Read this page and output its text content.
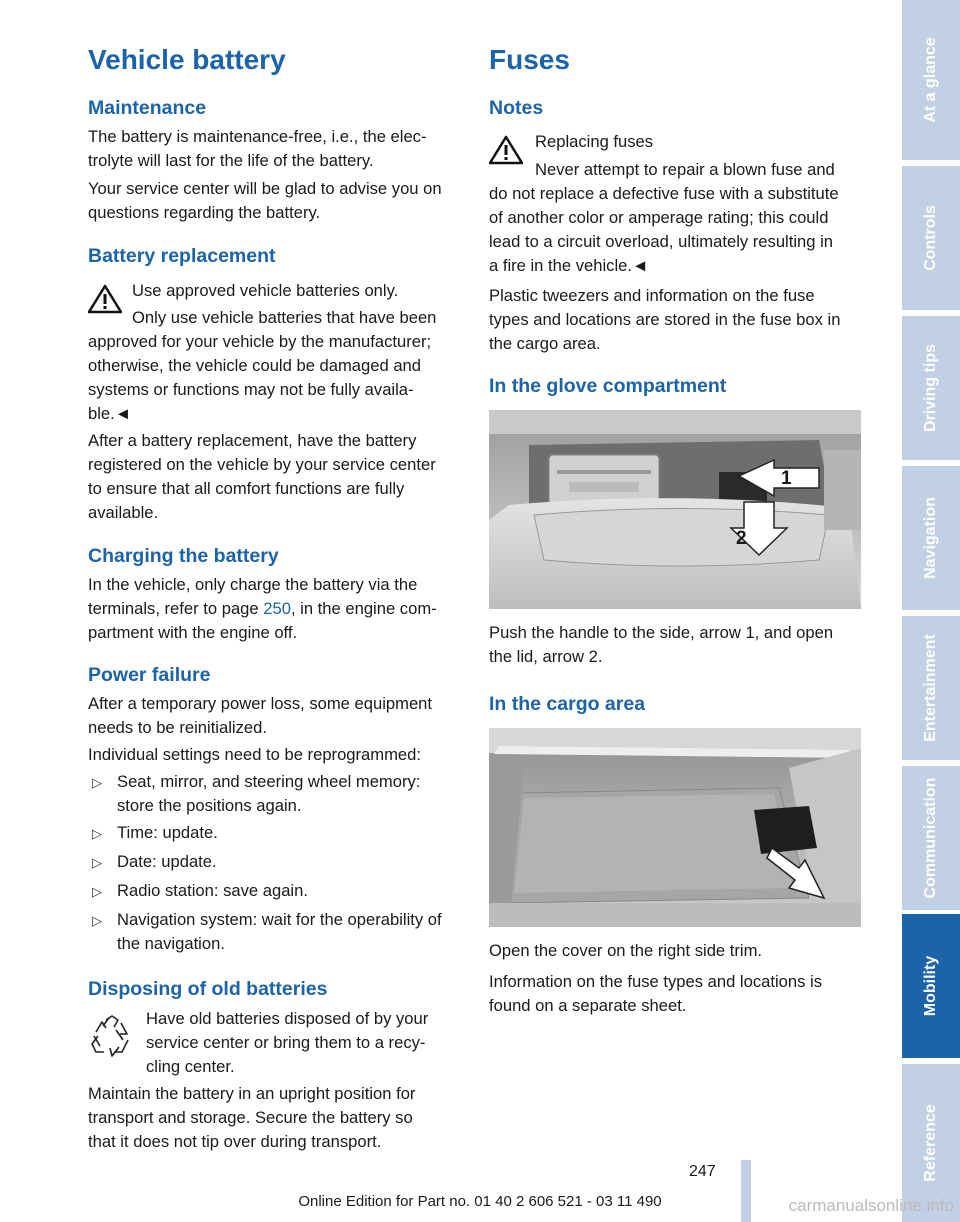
Vehicle battery
Maintenance
The battery is maintenance-free, i.e., the elec-
trolyte will last for the life of the battery.
Your service center will be glad to advise you on
questions regarding the battery.
Battery replacement
Use approved vehicle batteries only.
Only use vehicle batteries that have been
approved for your vehicle by the manufacturer;
otherwise, the vehicle could be damaged and
systems or functions may not be fully availa-
ble.◄
After a battery replacement, have the battery
registered on the vehicle by your service center
to ensure that all comfort functions are fully
available.
Charging the battery
In the vehicle, only charge the battery via the
terminals, refer to page 250, in the engine com-
partment with the engine off.
Power failure
After a temporary power loss, some equipment
needs to be reinitialized.
Individual settings need to be reprogrammed:
▷ Seat, mirror, and steering wheel memory:
store the positions again.
▷ Time: update.
▷ Date: update.
▷ Radio station: save again.
▷ Navigation system: wait for the operability of
the navigation.
Disposing of old batteries
Have old batteries disposed of by your
service center or bring them to a recy-
cling center.
Maintain the battery in an upright position for
transport and storage. Secure the battery so
that it does not tip over during transport.
Fuses
Notes
Replacing fuses
Never attempt to repair a blown fuse and
do not replace a defective fuse with a substitute
of another color or amperage rating; this could
lead to a circuit overload, ultimately resulting in
a fire in the vehicle.◄
Plastic tweezers and information on the fuse
types and locations are stored in the fuse box in
the cargo area.
In the glove compartment
1
2
Push the handle to the side, arrow 1, and open
the lid, arrow 2.
In the cargo area
Open the cover on the right side trim.
Information on the fuse types and locations is
found on a separate sheet.
At a glance
Controls
Driving tips
Navigation
Entertainment
Communication
Mobility
Reference
247
Online Edition for Part no. 01 40 2 606 521 - 03 11 490	carmanualsonline.info
